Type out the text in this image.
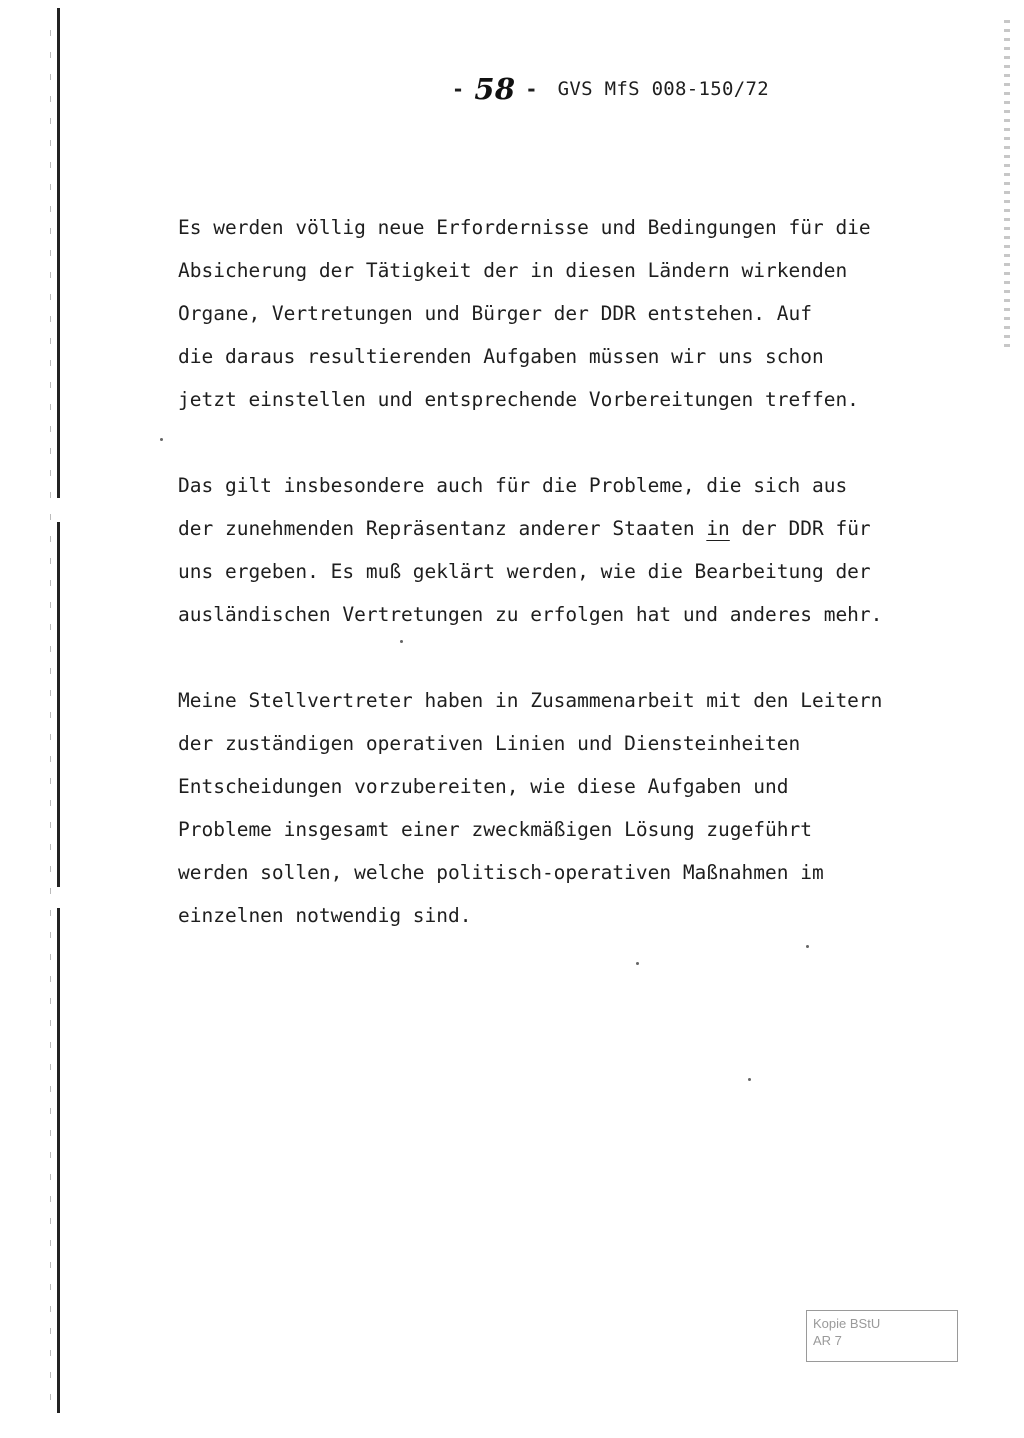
- 58 - GVS MfS 008-150/72
Es werden völlig neue Erfordernisse und Bedingungen für die
Absicherung der Tätigkeit der in diesen Ländern wirkenden
Organe, Vertretungen und Bürger der DDR entstehen. Auf
die daraus resultierenden Aufgaben müssen wir uns schon
jetzt einstellen und entsprechende Vorbereitungen treffen.
Das gilt insbesondere auch für die Probleme, die sich aus
der zunehmenden Repräsentanz anderer Staaten in der DDR für
uns ergeben. Es muß geklärt werden, wie die Bearbeitung der
ausländischen Vertretungen zu erfolgen hat und anderes mehr.
Meine Stellvertreter haben in Zusammenarbeit mit den Leitern
der zuständigen operativen Linien und Diensteinheiten
Entscheidungen vorzubereiten, wie diese Aufgaben und
Probleme insgesamt einer zweckmäßigen Lösung zugeführt
werden sollen, welche politisch-operativen Maßnahmen im
einzelnen notwendig sind.
Kopie BStU
AR 7
